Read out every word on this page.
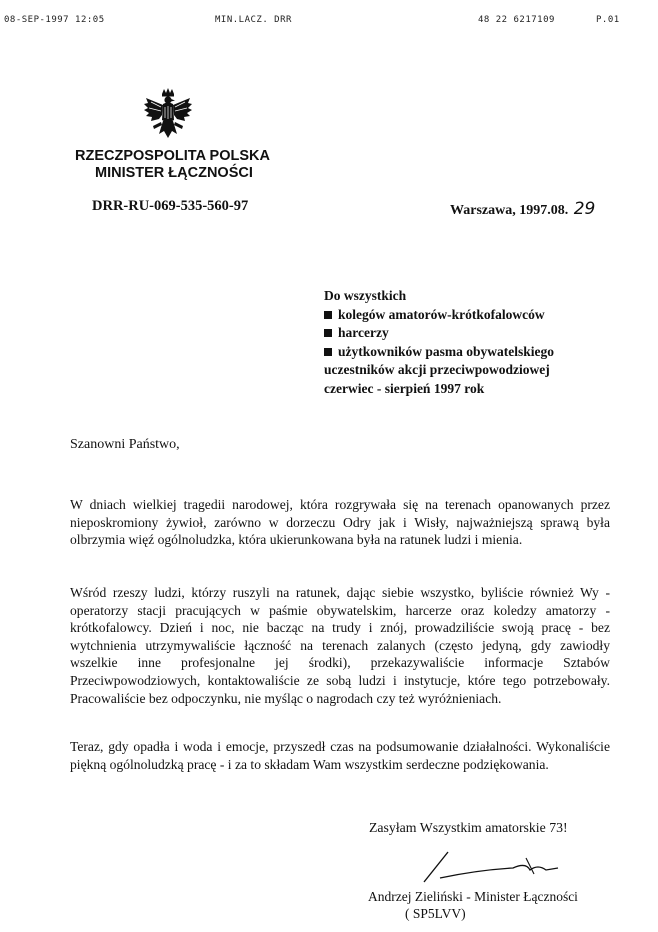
08-SEP-1997 12:05	MIN.LACZ. DRR	48 22 6217109	P.01
RZECZPOSPOLITA POLSKA
MINISTER ŁĄCZNOŚCI
DRR-RU-069-535-560-97	Warszawa, 1997.08. 29
Do wszystkich
kolegów amatorów-krótkofalowców
harcerzy
użytkowników pasma obywatelskiego
uczestników akcji przeciwpowodziowej
czerwiec - sierpień 1997 rok
Szanowni Państwo,

W dniach wielkiej tragedii narodowej, która rozgrywała się na terenach opanowanych przez nieposkromiony żywioł, zarówno w dorzeczu Odry jak i Wisły, najważniejszą sprawą była olbrzymia więź ogólnoludzka, która ukierunkowana była na ratunek ludzi i mienia.

Wśród rzeszy ludzi, którzy ruszyli na ratunek, dając siebie wszystko, byliście również Wy - operatorzy stacji pracujących w paśmie obywatelskim, harcerze oraz koledzy amatorzy -krótkofalowcy. Dzień i noc, nie bacząc na trudy i znój, prowadziliście swoją pracę - bez wytchnienia utrzymywaliście łączność na terenach zalanych (często jedyną, gdy zawiodły wszelkie inne profesjonalne jej środki), przekazywaliście informacje Sztabów Przeciwpowodziowych, kontaktowaliście ze sobą ludzi i instytucje, które tego potrzebowały. Pracowaliście bez odpoczynku, nie myśląc o nagrodach czy też wyróżnieniach.

Teraz, gdy opadła i woda i emocje, przyszedł czas na podsumowanie działalności. Wykonaliście piękną ogólnoludzką pracę - i za to składam Wam wszystkim serdeczne podziękowania.

Zasyłam Wszystkim amatorskie 73!
Andrzej Zieliński - Minister Łączności
( SP5LVV)
